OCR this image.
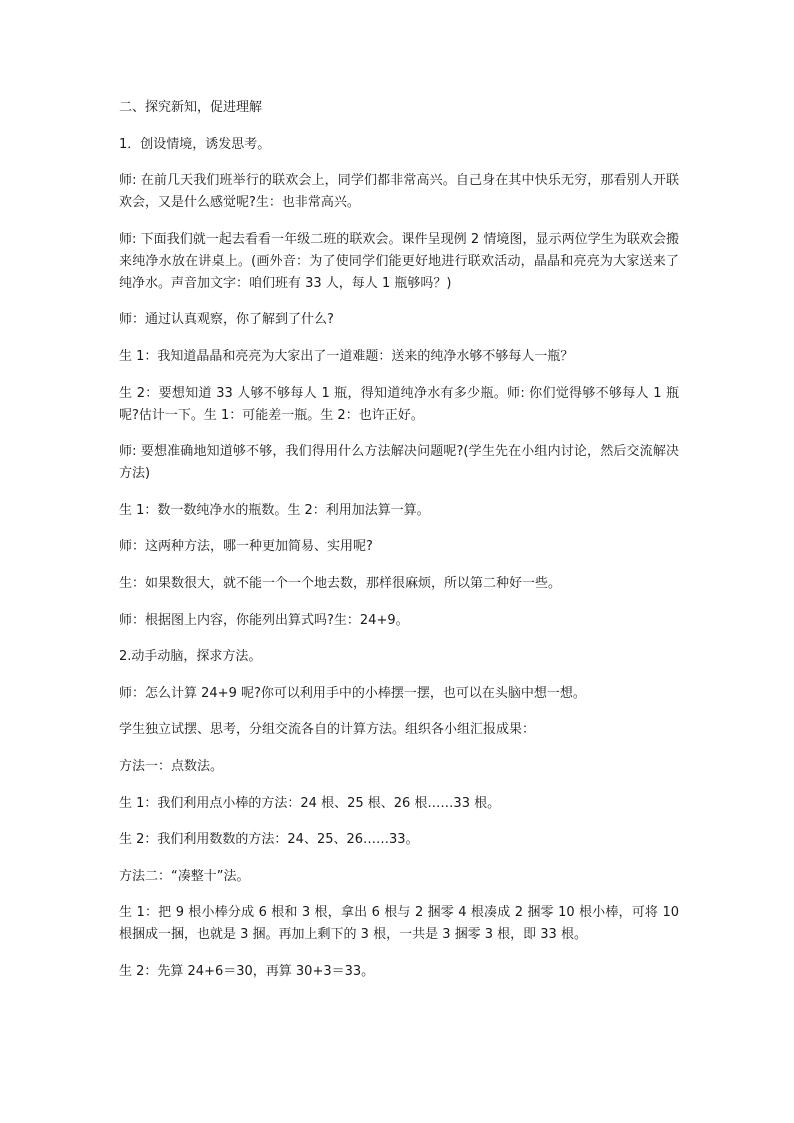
二、探究新知，促进理解

1．创设情境，诱发思考。

师: 在前几天我们班举行的联欢会上，同学们都非常高兴。自己身在其中快乐无穷，那看别人开联欢会，又是什么感觉呢?生：也非常高兴。

师: 下面我们就一起去看看一年级二班的联欢会。课件呈现例 2 情境图，显示两位学生为联欢会搬来纯净水放在讲桌上。(画外音：为了使同学们能更好地进行联欢活动，晶晶和亮亮为大家送来了纯净水。声音加文字：咱们班有 33 人，每人 1 瓶够吗？)

师：通过认真观察，你了解到了什么?

生 1：我知道晶晶和亮亮为大家出了一道难题：送来的纯净水够不够每人一瓶？

生 2：要想知道 33 人够不够每人 1 瓶，得知道纯净水有多少瓶。师: 你们觉得够不够每人 1 瓶呢?估计一下。生 1：可能差一瓶。生 2：也许正好。

师: 要想准确地知道够不够，我们得用什么方法解决问题呢?(学生先在小组内讨论，然后交流解决方法)

生 1：数一数纯净水的瓶数。生 2：利用加法算一算。

师：这两种方法，哪一种更加简易、实用呢?

生：如果数很大，就不能一个一个地去数，那样很麻烦，所以第二种好一些。

师：根据图上内容，你能列出算式吗?生：24+9。

2.动手动脑，探求方法。

师：怎么计算 24+9 呢?你可以利用手中的小棒摆一摆，也可以在头脑中想一想。

学生独立试摆、思考，分组交流各自的计算方法。组织各小组汇报成果：

方法一：点数法。

生 1：我们利用点小棒的方法：24 根、25 根、26 根……33 根。

生 2：我们利用数数的方法：24、25、26……33。

方法二：“凑整十”法。

生 1：把 9 根小棒分成 6 根和 3 根，拿出 6 根与 2 捆零 4 根凑成 2 捆零 10 根小棒，可将 10 根捆成一捆，也就是 3 捆。再加上剩下的 3 根，一共是 3 捆零 3 根，即 33 根。

生 2：先算 24+6＝30，再算 30+3＝33。
